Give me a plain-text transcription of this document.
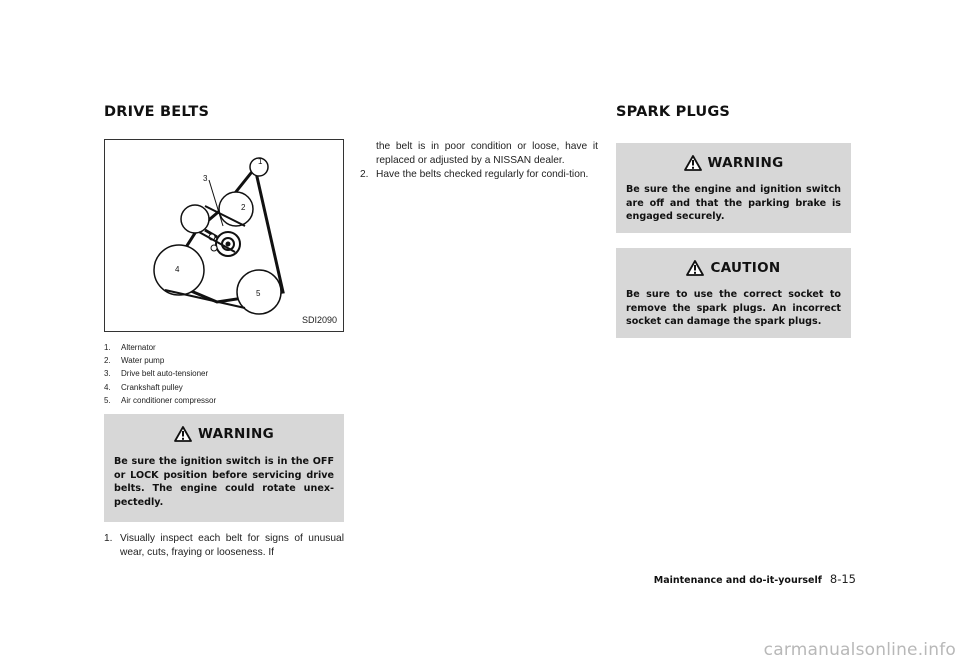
DRIVE BELTS	SPARK PLUGS
1
2
3
4
5
SDI2090
1.	Alternator
2.	Water pump
3.	Drive belt auto-tensioner
4.	Crankshaft pulley
5.	Air conditioner compressor
WARNING
Be sure the ignition switch is in the OFF or LOCK position before servicing drive belts. The engine could rotate unex-pectedly.
1. Visually inspect each belt for signs of unusual wear, cuts, fraying or looseness. If
the belt is in poor condition or loose, have it replaced or adjusted by a NISSAN dealer.
2. Have the belts checked regularly for condi-tion.
WARNING
Be sure the engine and ignition switch are off and that the parking brake is engaged securely.
CAUTION
Be sure to use the correct socket to remove the spark plugs. An incorrect socket can damage the spark plugs.
Maintenance and do-it-yourself 8-15
carmanualsonline.info
